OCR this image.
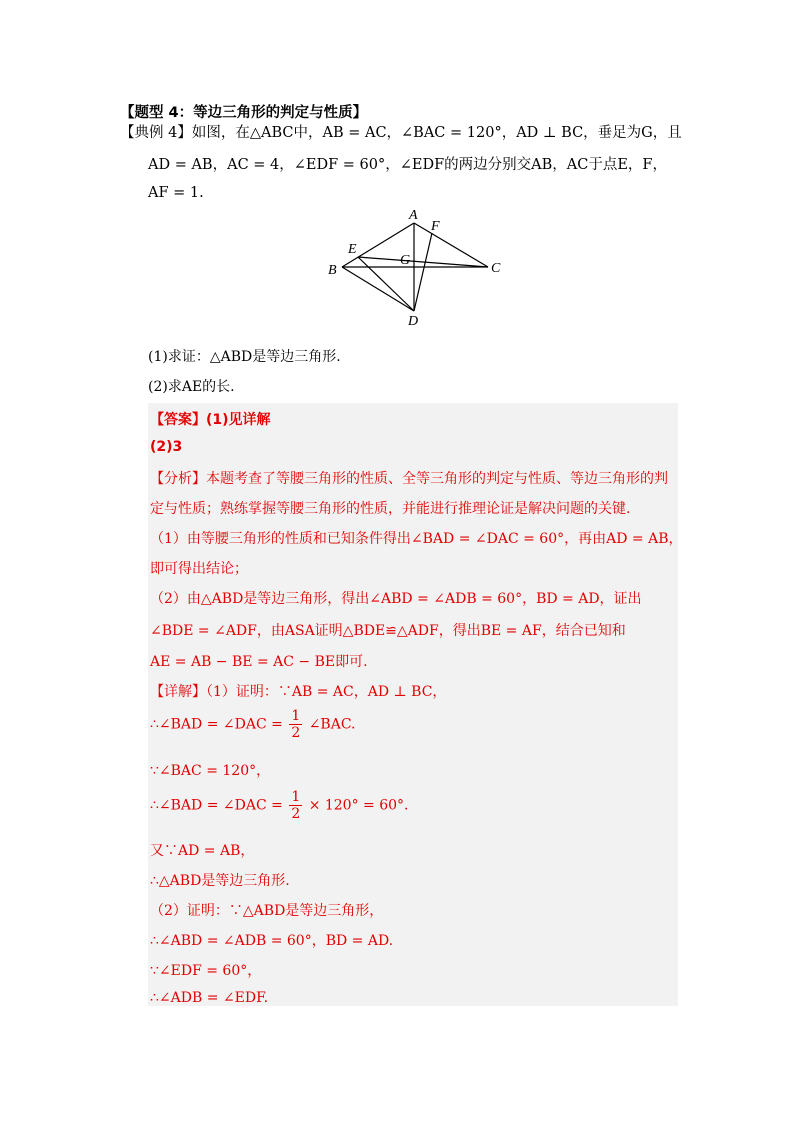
【题型 4：等边三角形的判定与性质】
【典例 4】如图，在△ABC中，AB = AC，∠BAC = 120°，AD ⊥ BC，垂足为G，且
AD = AB，AC = 4，∠EDF = 60°，∠EDF的两边分别交AB，AC于点E，F，
AF = 1.
A
B	C
D
E
F
G
(1)求证：△ABD是等边三角形.
(2)求AE的长.
【答案】(1)见详解
(2)3
【分析】本题考查了等腰三角形的性质、全等三角形的判定与性质、等边三角形的判
定与性质；熟练掌握等腰三角形的性质，并能进行推理论证是解决问题的关键.
（1）由等腰三角形的性质和已知条件得出∠BAD = ∠DAC = 60°，再由AD = AB，
即可得出结论；
（2）由△ABD是等边三角形，得出∠ABD = ∠ADB = 60°，BD = AD，证出
∠BDE = ∠ADF，由ASA证明△BDE≌△ADF，得出BE = AF，结合已知和
AE = AB − BE = AC − BE即可.
【详解】（1）证明：∵AB = AC，AD ⊥ BC，
∴∠BAD = ∠DAC = $\frac{1}{2}$ ∠BAC.
∵∠BAC = 120°，
∴∠BAD = ∠DAC = $\frac{1}{2} \times 120^\circ = 60^\circ$.
又∵AD = AB，
∴△ABD是等边三角形.
（2）证明：∵△ABD是等边三角形，
∴∠ABD = ∠ADB = 60°，BD = AD.
∵∠EDF = 60°，
∴∠ADB = ∠EDF.
